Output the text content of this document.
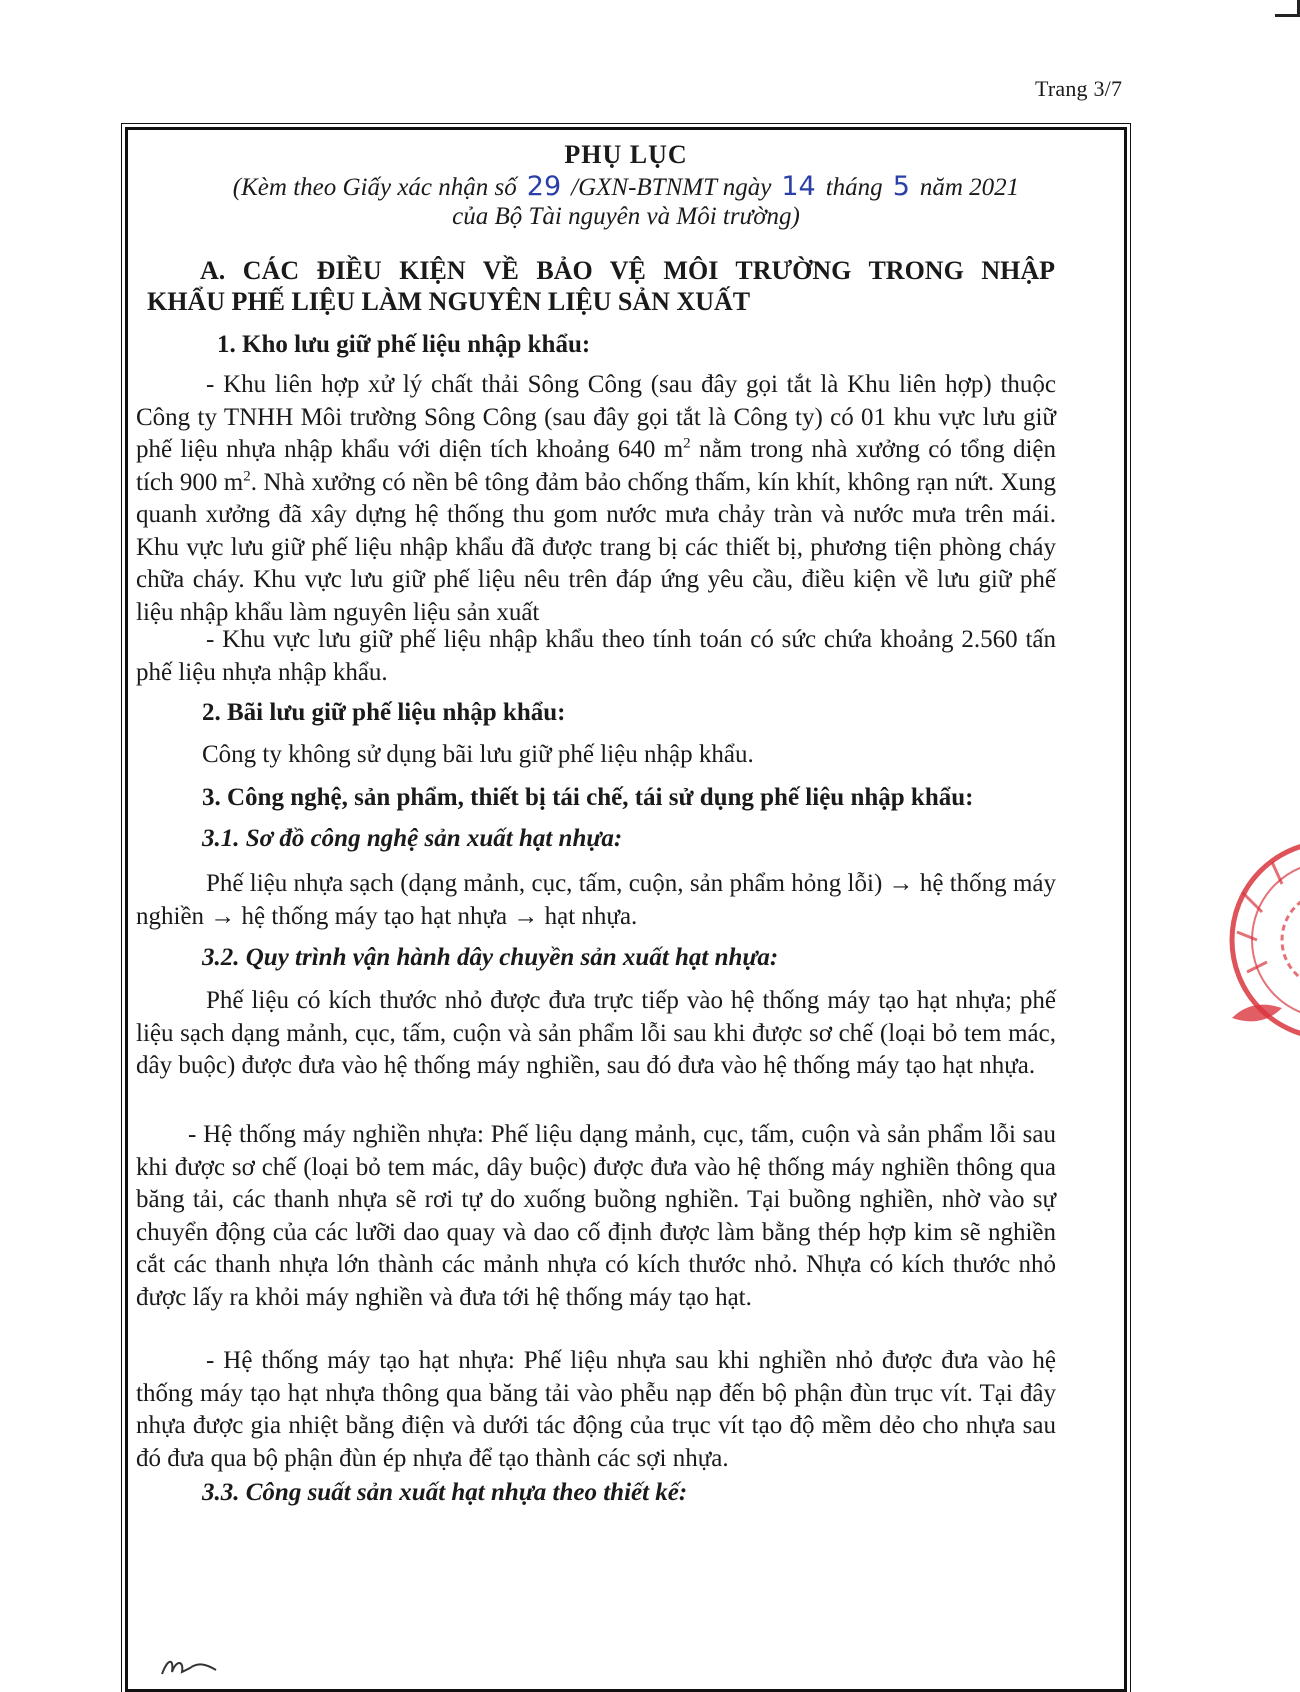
Trang 3/7
PHỤ LỤC
(Kèm theo Giấy xác nhận số 29 /GXN-BTNMT ngày 14 tháng 5 năm 2021
của Bộ Tài nguyên và Môi trường)
A. CÁC ĐIỀU KIỆN VỀ BẢO VỆ MÔI TRƯỜNG TRONG NHẬP
KHẨU PHẾ LIỆU LÀM NGUYÊN LIỆU SẢN XUẤT
1. Kho lưu giữ phế liệu nhập khẩu:
- Khu liên hợp xử lý chất thải Sông Công (sau đây gọi tắt là Khu liên hợp) thuộc Công ty TNHH Môi trường Sông Công (sau đây gọi tắt là Công ty) có 01 khu vực lưu giữ phế liệu nhựa nhập khẩu với diện tích khoảng 640 $m^2$ nằm trong nhà xưởng có tổng diện tích 900 $m^2$. Nhà xưởng có nền bê tông đảm bảo chống thấm, kín khít, không rạn nứt. Xung quanh xưởng đã xây dựng hệ thống thu gom nước mưa chảy tràn và nước mưa trên mái. Khu vực lưu giữ phế liệu nhập khẩu đã được trang bị các thiết bị, phương tiện phòng cháy chữa cháy. Khu vực lưu giữ phế liệu nêu trên đáp ứng yêu cầu, điều kiện về lưu giữ phế liệu nhập khẩu làm nguyên liệu sản xuất
- Khu vực lưu giữ phế liệu nhập khẩu theo tính toán có sức chứa khoảng 2.560 tấn phế liệu nhựa nhập khẩu.
2. Bãi lưu giữ phế liệu nhập khẩu:
Công ty không sử dụng bãi lưu giữ phế liệu nhập khẩu.
3. Công nghệ, sản phẩm, thiết bị tái chế, tái sử dụng phế liệu nhập khẩu:
3.1. Sơ đồ công nghệ sản xuất hạt nhựa:
Phế liệu nhựa sạch (dạng mảnh, cục, tấm, cuộn, sản phẩm hỏng lỗi) → hệ thống máy nghiền → hệ thống máy tạo hạt nhựa → hạt nhựa.
3.2. Quy trình vận hành dây chuyền sản xuất hạt nhựa:
Phế liệu có kích thước nhỏ được đưa trực tiếp vào hệ thống máy tạo hạt nhựa; phế liệu sạch dạng mảnh, cục, tấm, cuộn và sản phẩm lỗi sau khi được sơ chế (loại bỏ tem mác, dây buộc) được đưa vào hệ thống máy nghiền, sau đó đưa vào hệ thống máy tạo hạt nhựa.
- Hệ thống máy nghiền nhựa: Phế liệu dạng mảnh, cục, tấm, cuộn và sản phẩm lỗi sau khi được sơ chế (loại bỏ tem mác, dây buộc) được đưa vào hệ thống máy nghiền thông qua băng tải, các thanh nhựa sẽ rơi tự do xuống buồng nghiền. Tại buồng nghiền, nhờ vào sự chuyển động của các lưỡi dao quay và dao cố định được làm bằng thép hợp kim sẽ nghiền cắt các thanh nhựa lớn thành các mảnh nhựa có kích thước nhỏ. Nhựa có kích thước nhỏ được lấy ra khỏi máy nghiền và đưa tới hệ thống máy tạo hạt.
- Hệ thống máy tạo hạt nhựa: Phế liệu nhựa sau khi nghiền nhỏ được đưa vào hệ thống máy tạo hạt nhựa thông qua băng tải vào phễu nạp đến bộ phận đùn trục vít. Tại đây nhựa được gia nhiệt bằng điện và dưới tác động của trục vít tạo độ mềm dẻo cho nhựa sau đó đưa qua bộ phận đùn ép nhựa để tạo thành các sợi nhựa.
3.3. Công suất sản xuất hạt nhựa theo thiết kế:
